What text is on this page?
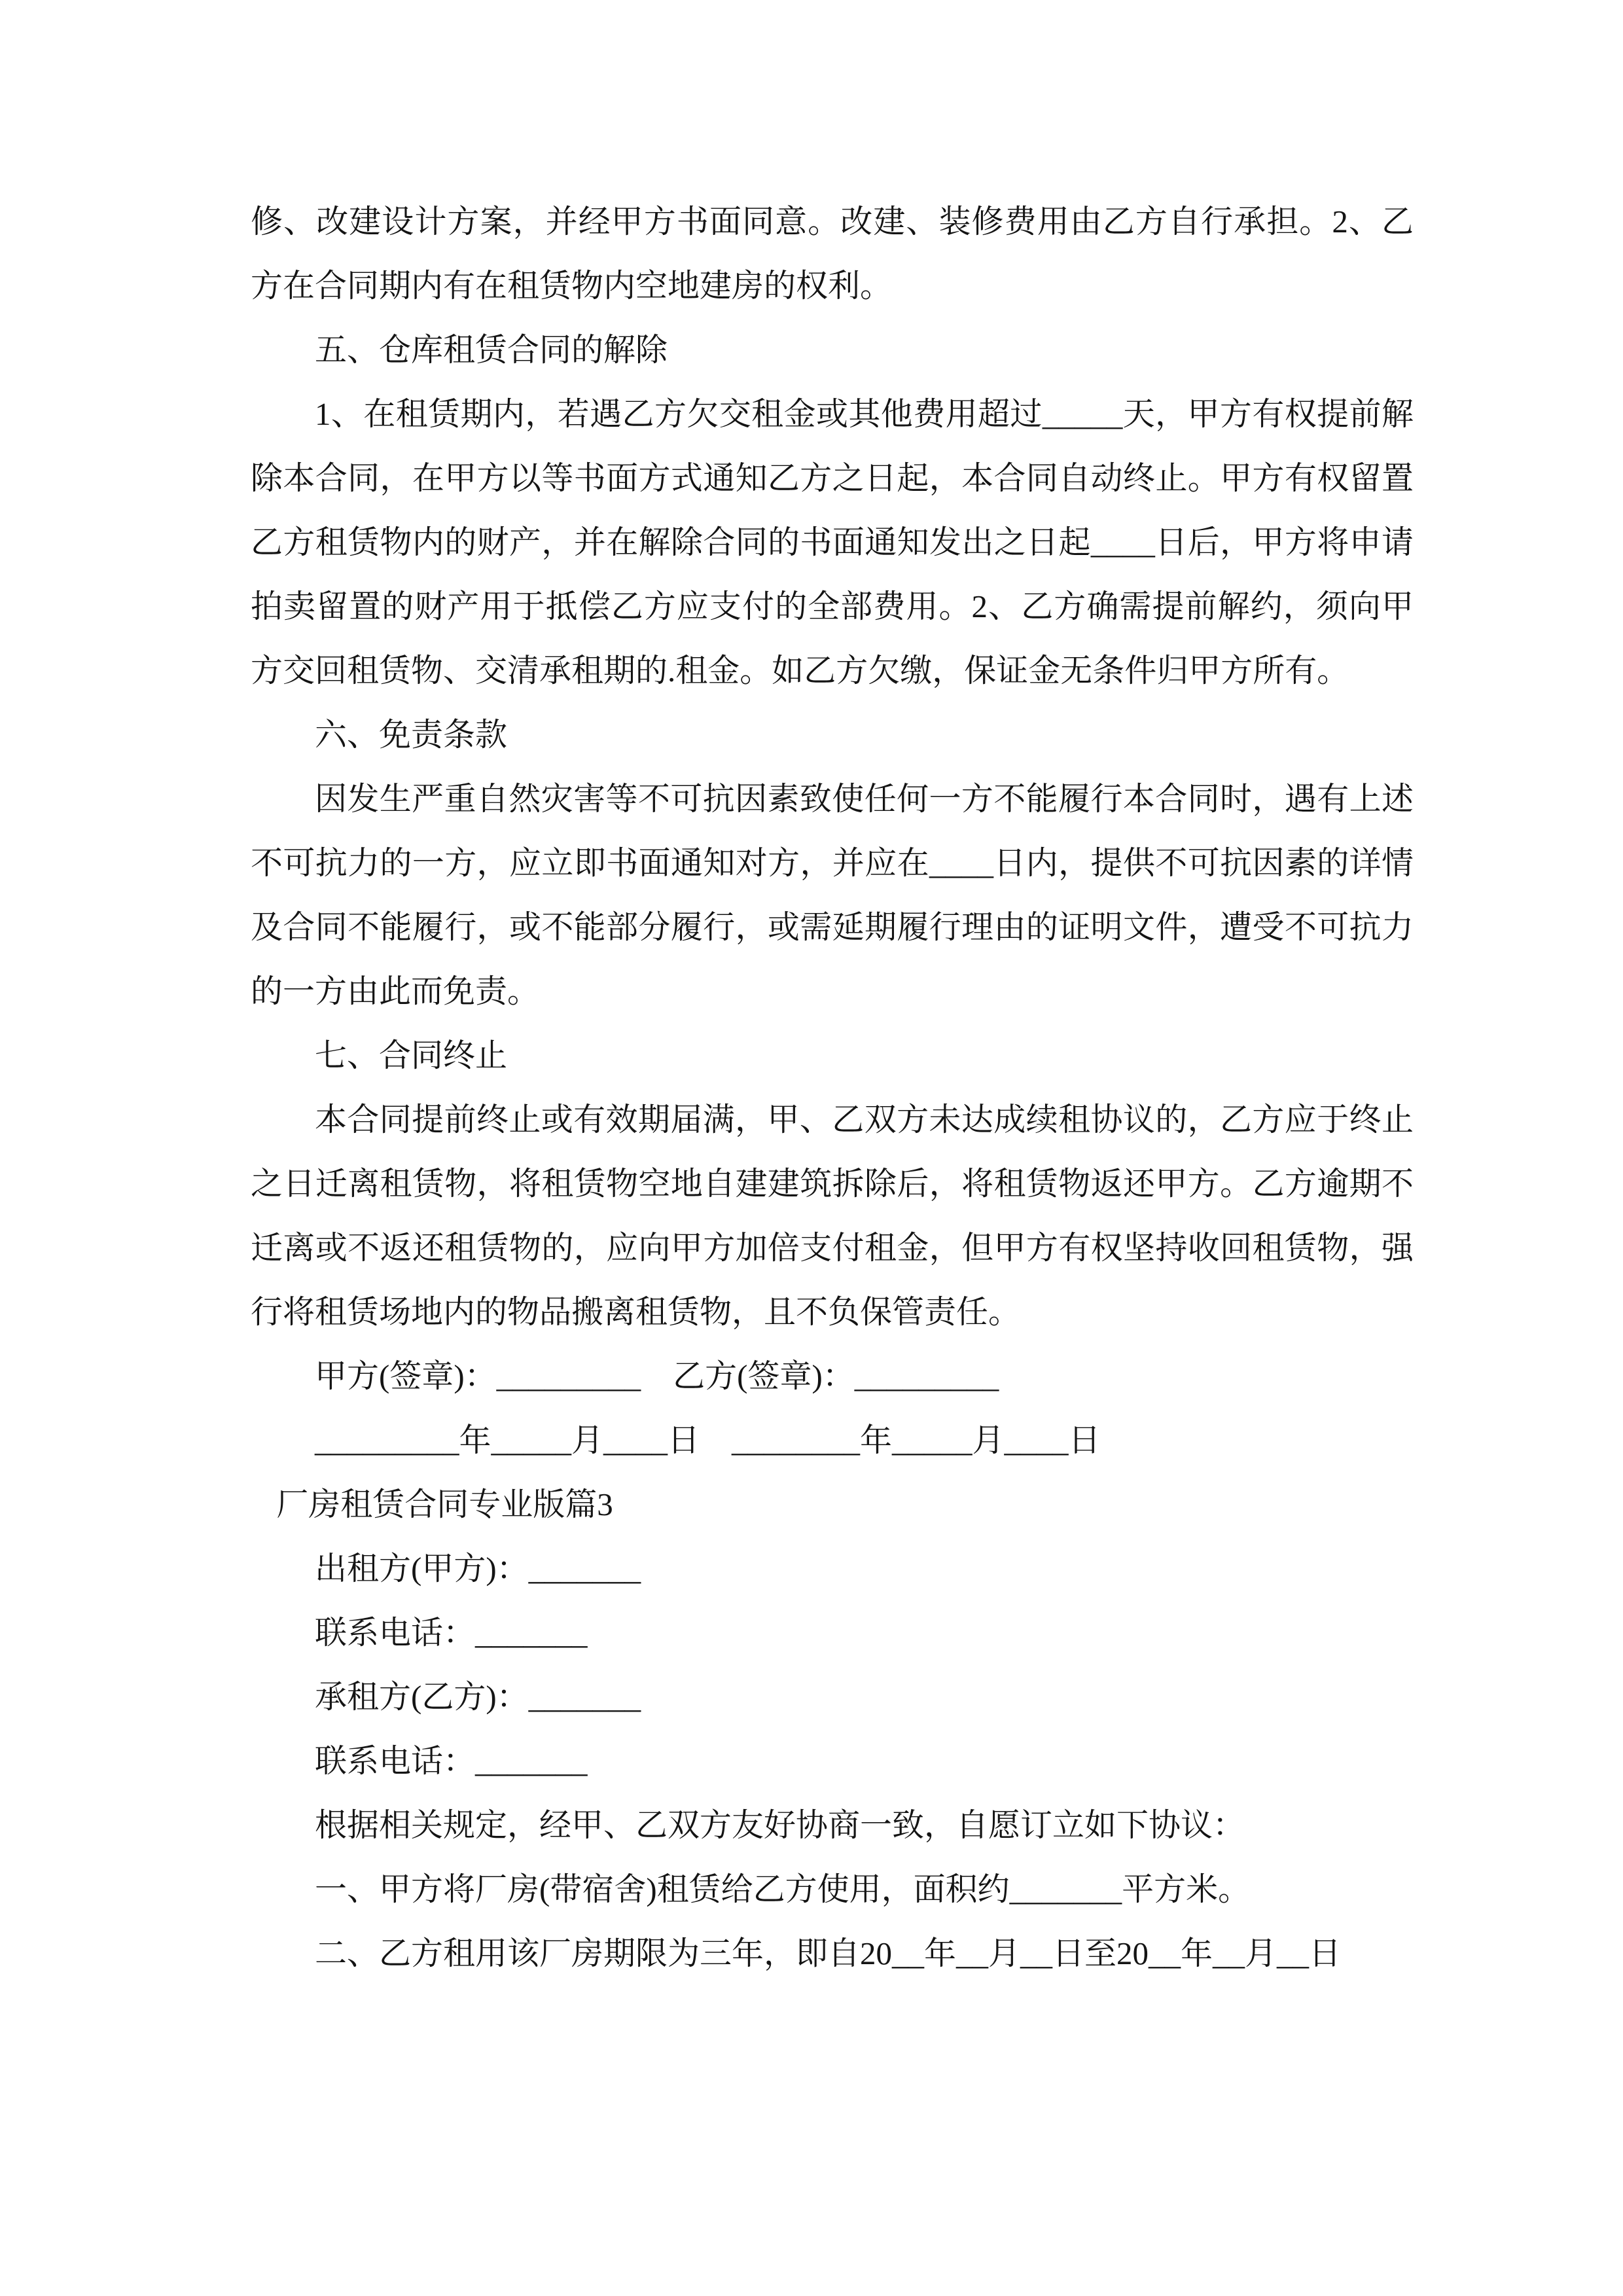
修、改建设计方案，并经甲方书面同意。改建、装修费用由乙方自行承担。2、乙方在合同期内有在租赁物内空地建房的权利。

五、仓库租赁合同的解除

1、在租赁期内，若遇乙方欠交租金或其他费用超过_____天，甲方有权提前解除本合同，在甲方以等书面方式通知乙方之日起，本合同自动终止。甲方有权留置乙方租赁物内的财产，并在解除合同的书面通知发出之日起____日后，甲方将申请拍卖留置的财产用于抵偿乙方应支付的全部费用。2、乙方确需提前解约，须向甲方交回租赁物、交清承租期的.租金。如乙方欠缴，保证金无条件归甲方所有。

六、免责条款

因发生严重自然灾害等不可抗因素致使任何一方不能履行本合同时，遇有上述不可抗力的一方，应立即书面通知对方，并应在____日内，提供不可抗因素的详情及合同不能履行，或不能部分履行，或需延期履行理由的证明文件，遭受不可抗力的一方由此而免责。

七、合同终止

本合同提前终止或有效期届满，甲、乙双方未达成续租协议的，乙方应于终止之日迁离租赁物，将租赁物空地自建建筑拆除后，将租赁物返还甲方。乙方逾期不迁离或不返还租赁物的，应向甲方加倍支付租金，但甲方有权坚持收回租赁物，强行将租赁场地内的物品搬离租赁物，且不负保管责任。

甲方(签章)：_________　乙方(签章)：_________

_________年_____月____日　________年_____月____日

厂房租赁合同专业版篇3

出租方(甲方)：_______

联系电话：_______

承租方(乙方)：_______

联系电话：_______

根据相关规定，经甲、乙双方友好协商一致，自愿订立如下协议：

一、甲方将厂房(带宿舍)租赁给乙方使用，面积约_______平方米。

二、乙方租用该厂房期限为三年，即自20__年__月__日至20__年__月__日
